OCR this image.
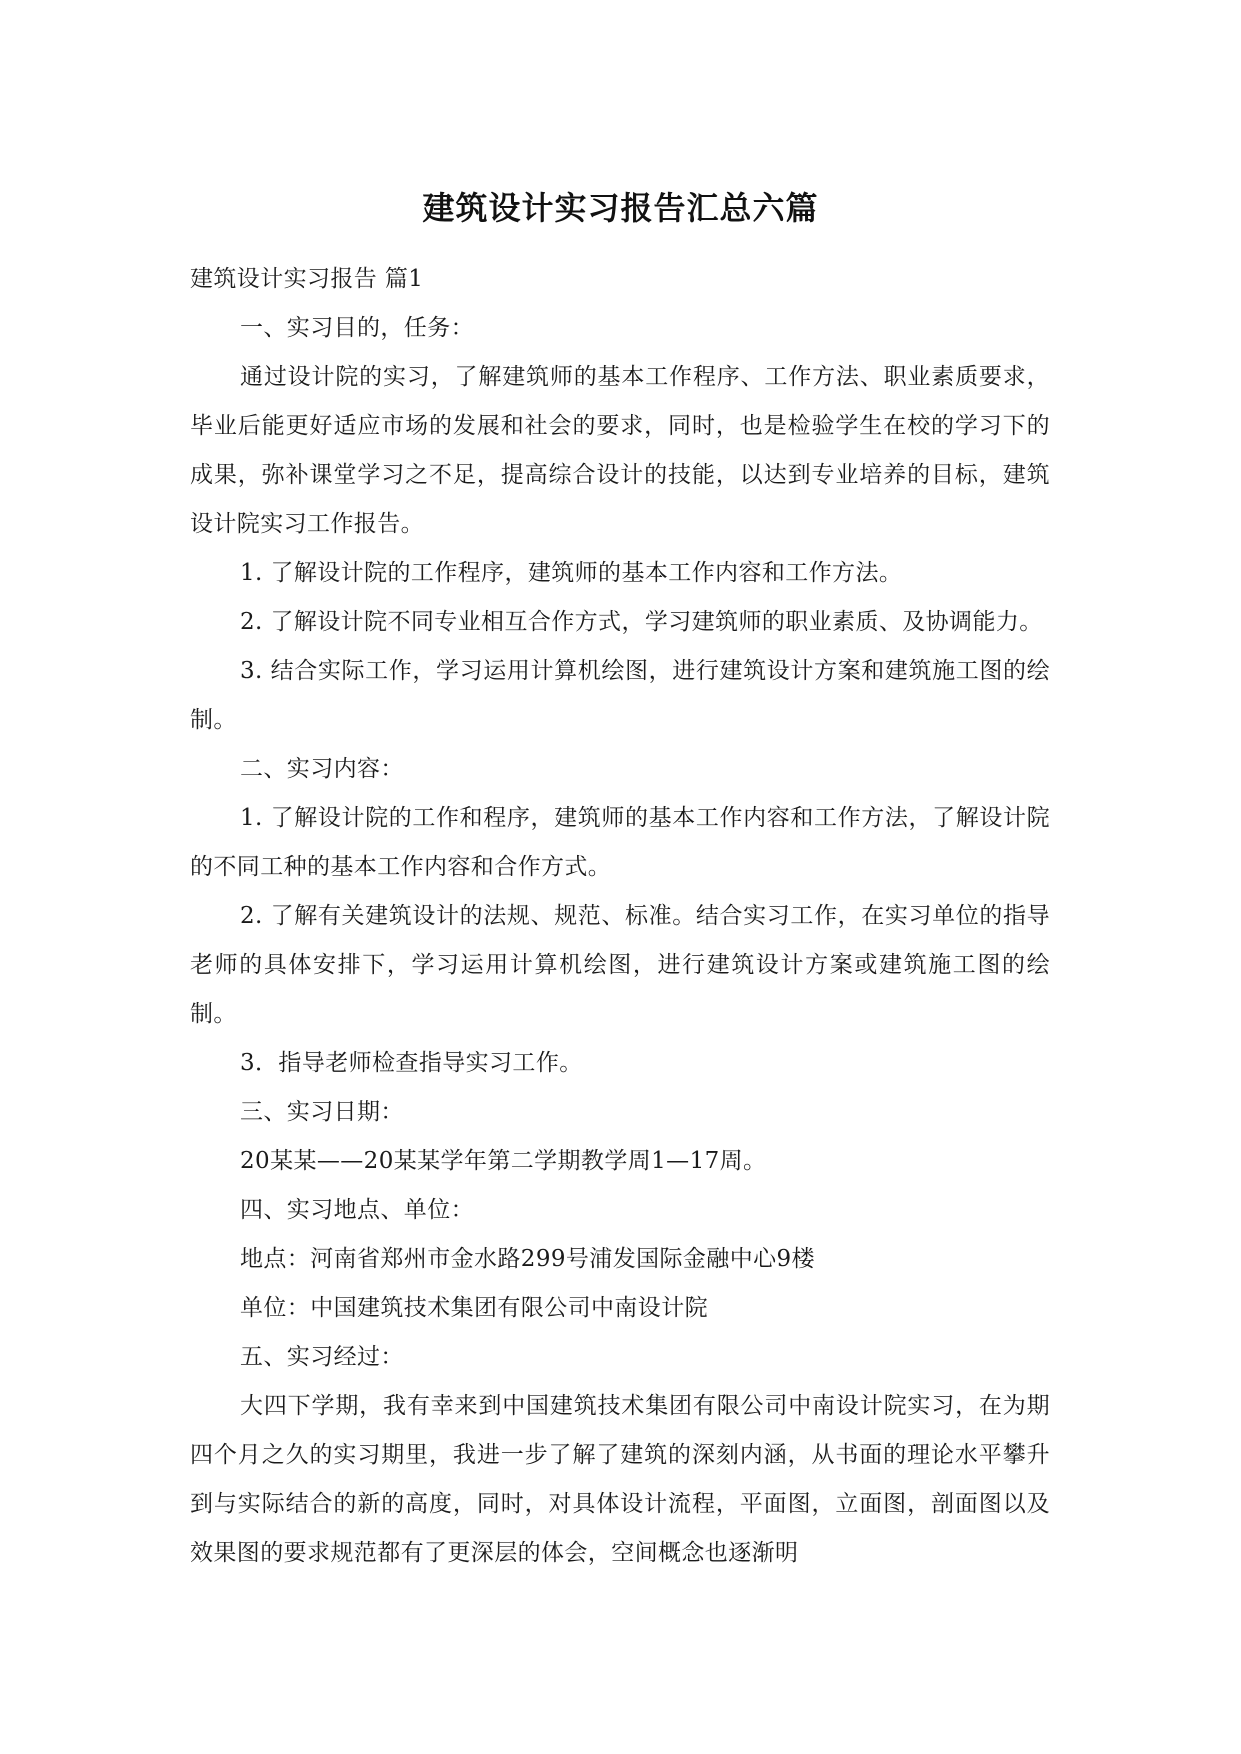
建筑设计实习报告汇总六篇

建筑设计实习报告 篇1

一、实习目的，任务：

通过设计院的实习，了解建筑师的基本工作程序、工作方法、职业素质要求，毕业后能更好适应市场的发展和社会的要求，同时，也是检验学生在校的学习下的成果，弥补课堂学习之不足，提高综合设计的技能，以达到专业培养的目标，建筑设计院实习工作报告。

1. 了解设计院的工作程序，建筑师的基本工作内容和工作方法。

2. 了解设计院不同专业相互合作方式，学习建筑师的职业素质、及协调能力。

3. 结合实际工作，学习运用计算机绘图，进行建筑设计方案和建筑施工图的绘制。

二、实习内容：

1. 了解设计院的工作和程序，建筑师的基本工作内容和工作方法，了解设计院的不同工种的基本工作内容和合作方式。

2. 了解有关建筑设计的法规、规范、标准。结合实习工作，在实习单位的指导老师的具体安排下，学习运用计算机绘图，进行建筑设计方案或建筑施工图的绘制。

3．指导老师检查指导实习工作。

三、实习日期：

20某某——20某某学年第二学期教学周1—17周。

四、实习地点、单位：

地点：河南省郑州市金水路299号浦发国际金融中心9楼

单位：中国建筑技术集团有限公司中南设计院

五、实习经过：

大四下学期，我有幸来到中国建筑技术集团有限公司中南设计院实习，在为期四个月之久的实习期里，我进一步了解了建筑的深刻内涵，从书面的理论水平攀升到与实际结合的新的高度，同时，对具体设计流程，平面图，立面图，剖面图以及效果图的要求规范都有了更深层的体会，空间概念也逐渐明
